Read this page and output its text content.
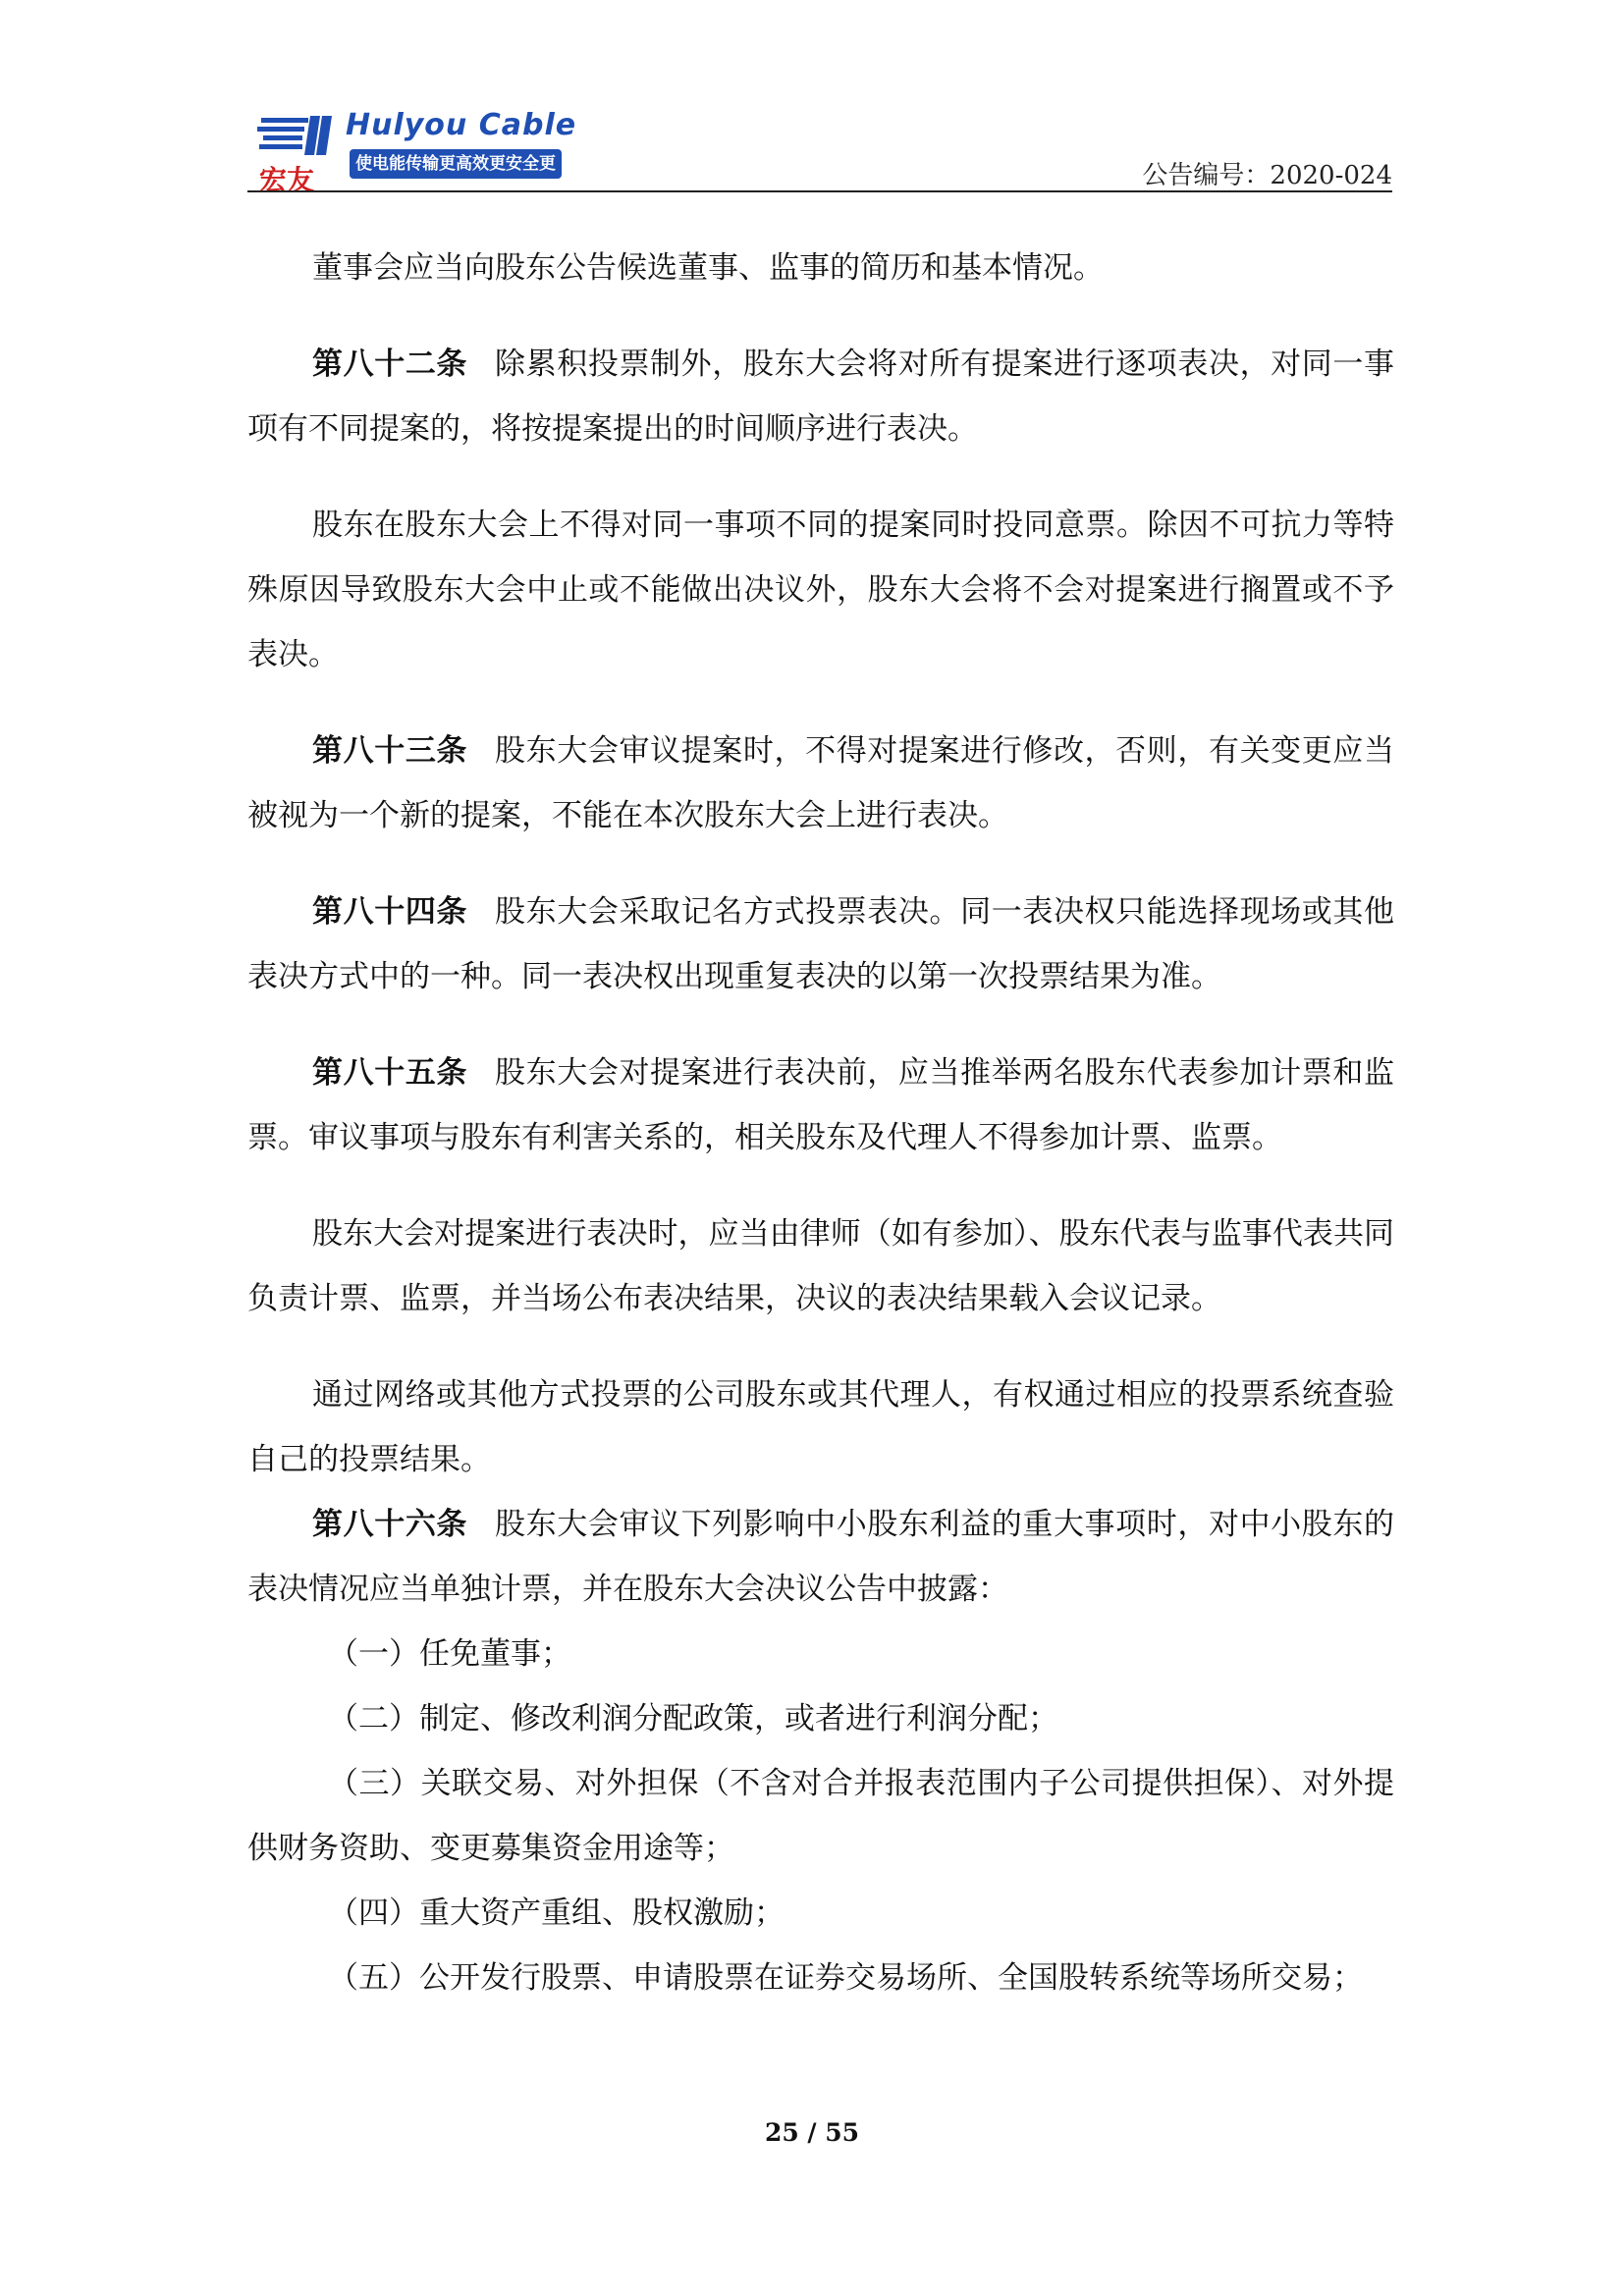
Hulyou Cable
使电能传输更高效更安全更绿色
宏友	公告编号：2020-024

董事会应当向股东公告候选董事、监事的简历和基本情况。

第八十二条 除累积投票制外，股东大会将对所有提案进行逐项表决，对同一事项有不同提案的，将按提案提出的时间顺序进行表决。

股东在股东大会上不得对同一事项不同的提案同时投同意票。除因不可抗力等特殊原因导致股东大会中止或不能做出决议外，股东大会将不会对提案进行搁置或不予表决。

第八十三条 股东大会审议提案时，不得对提案进行修改，否则，有关变更应当被视为一个新的提案，不能在本次股东大会上进行表决。

第八十四条 股东大会采取记名方式投票表决。同一表决权只能选择现场或其他表决方式中的一种。同一表决权出现重复表决的以第一次投票结果为准。

第八十五条 股东大会对提案进行表决前，应当推举两名股东代表参加计票和监票。审议事项与股东有利害关系的，相关股东及代理人不得参加计票、监票。

股东大会对提案进行表决时，应当由律师（如有参加）、股东代表与监事代表共同负责计票、监票，并当场公布表决结果，决议的表决结果载入会议记录。

通过网络或其他方式投票的公司股东或其代理人，有权通过相应的投票系统查验自己的投票结果。

第八十六条 股东大会审议下列影响中小股东利益的重大事项时，对中小股东的表决情况应当单独计票，并在股东大会决议公告中披露：

（一）任免董事；

（二）制定、修改利润分配政策，或者进行利润分配；

（三）关联交易、对外担保（不含对合并报表范围内子公司提供担保）、对外提供财务资助、变更募集资金用途等；

（四）重大资产重组、股权激励；

（五）公开发行股票、申请股票在证券交易场所、全国股转系统等场所交易；

25 / 55
